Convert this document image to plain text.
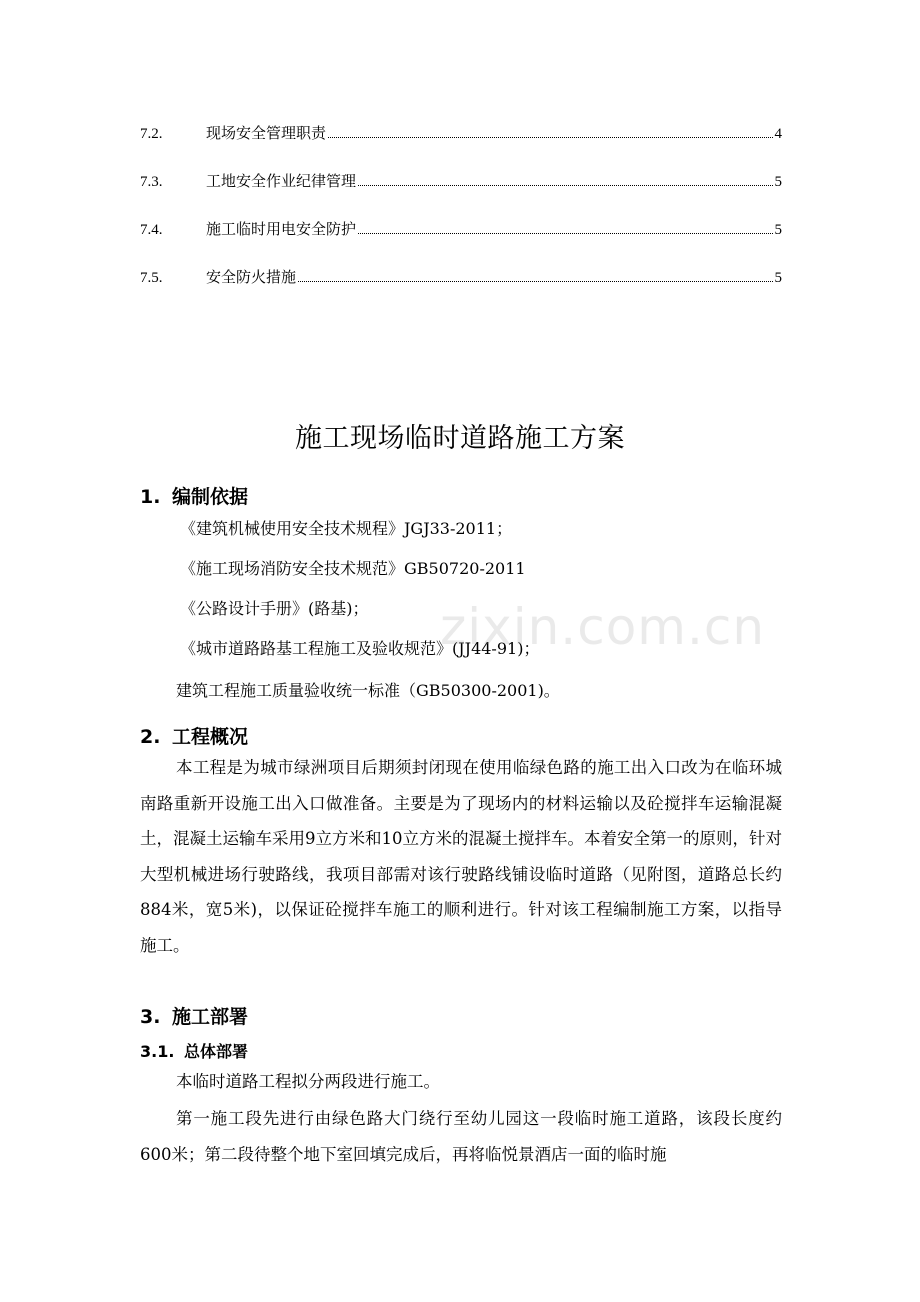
7.2.	现场安全管理职责	4
7.3.	工地安全作业纪律管理	5
7.4.	施工临时用电安全防护	5
7.5.	安全防火措施	5
施工现场临时道路施工方案
1. 编制依据
《建筑机械使用安全技术规程》JGJ33-2011；
《施工现场消防安全技术规范》GB50720-2011
《公路设计手册》(路基)；
《城市道路路基工程施工及验收规范》(JJ44-91)；
建筑工程施工质量验收统一标准（GB50300-2001)。
2. 工程概况
本工程是为城市绿洲项目后期须封闭现在使用临绿色路的施工出入口改为在临环城南路重新开设施工出入口做准备。主要是为了现场内的材料运输以及砼搅拌车运输混凝土，混凝土运输车采用9立方米和10立方米的混凝土搅拌车。本着安全第一的原则，针对大型机械进场行驶路线，我项目部需对该行驶路线铺设临时道路（见附图，道路总长约884米，宽5米)，以保证砼搅拌车施工的顺利进行。针对该工程编制施工方案，以指导施工。
3. 施工部署
3.1. 总体部署
本临时道路工程拟分两段进行施工。
第一施工段先进行由绿色路大门绕行至幼儿园这一段临时施工道路，该段长度约600米；第二段待整个地下室回填完成后，再将临悦景酒店一面的临时施
zixin.com.cn
